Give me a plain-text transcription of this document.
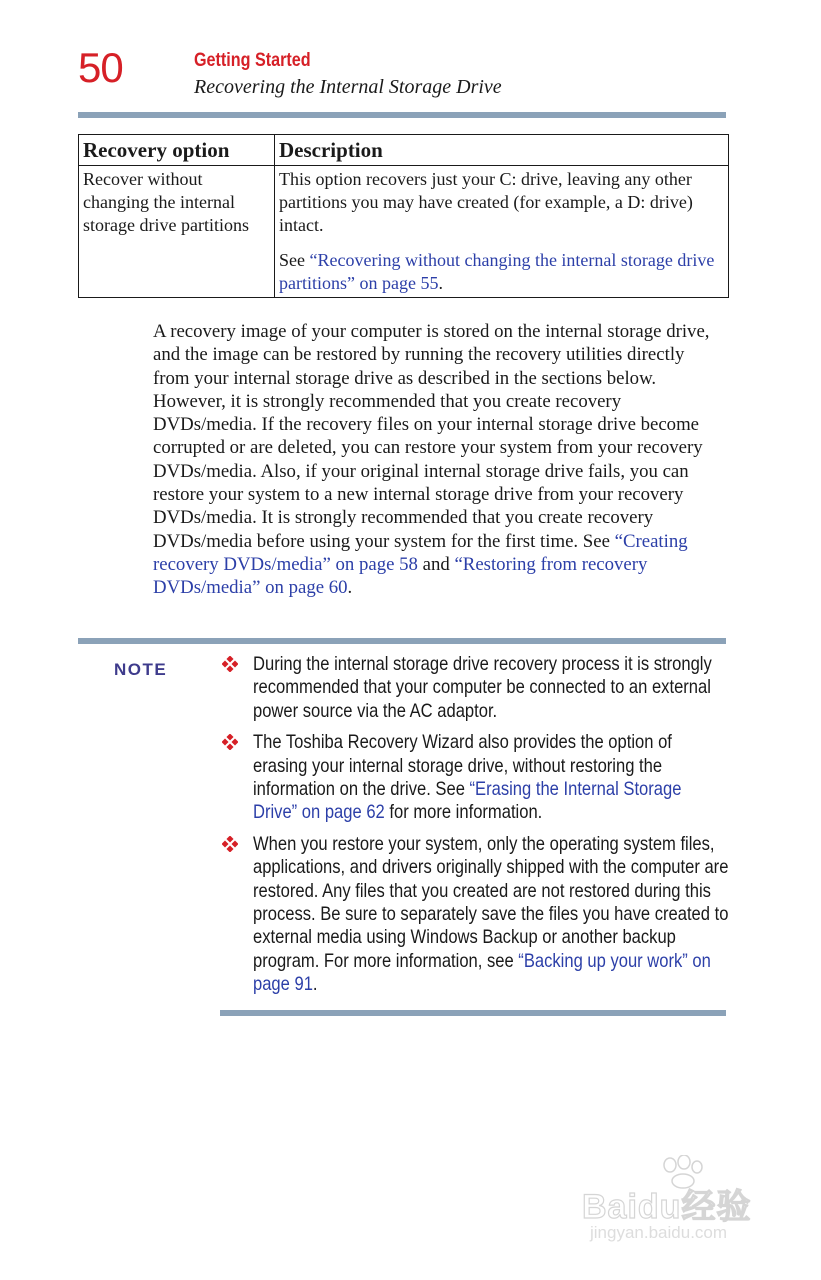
50	Getting Started
Recovering the Internal Storage Drive
Recovery option	Description
Recover without changing the internal storage drive partitions	This option recovers just your C: drive, leaving any other partitions you may have created (for example, a D: drive) intact.

See “Recovering without changing the internal storage drive partitions” on page 55.

A recovery image of your computer is stored on the internal storage drive, and the image can be restored by running the recovery utilities directly from your internal storage drive as described in the sections below. However, it is strongly recommended that you create recovery DVDs/media. If the recovery files on your internal storage drive become corrupted or are deleted, you can restore your system from your recovery DVDs/media. Also, if your original internal storage drive fails, you can restore your system to a new internal storage drive from your recovery DVDs/media. It is strongly recommended that you create recovery DVDs/media before using your system for the first time. See “Creating recovery DVDs/media” on page 58 and “Restoring from recovery DVDs/media” on page 60.

NOTE	During the internal storage drive recovery process it is strongly recommended that your computer be connected to an external power source via the AC adaptor.
The Toshiba Recovery Wizard also provides the option of erasing your internal storage drive, without restoring the information on the drive. See “Erasing the Internal Storage Drive” on page 62 for more information.
When you restore your system, only the operating system files, applications, and drivers originally shipped with the computer are restored. Any files that you created are not restored during this process. Be sure to separately save the files you have created to external media using Windows Backup or another backup program. For more information, see “Backing up your work” on page 91.
Baidu经验
jingyan.baidu.com
